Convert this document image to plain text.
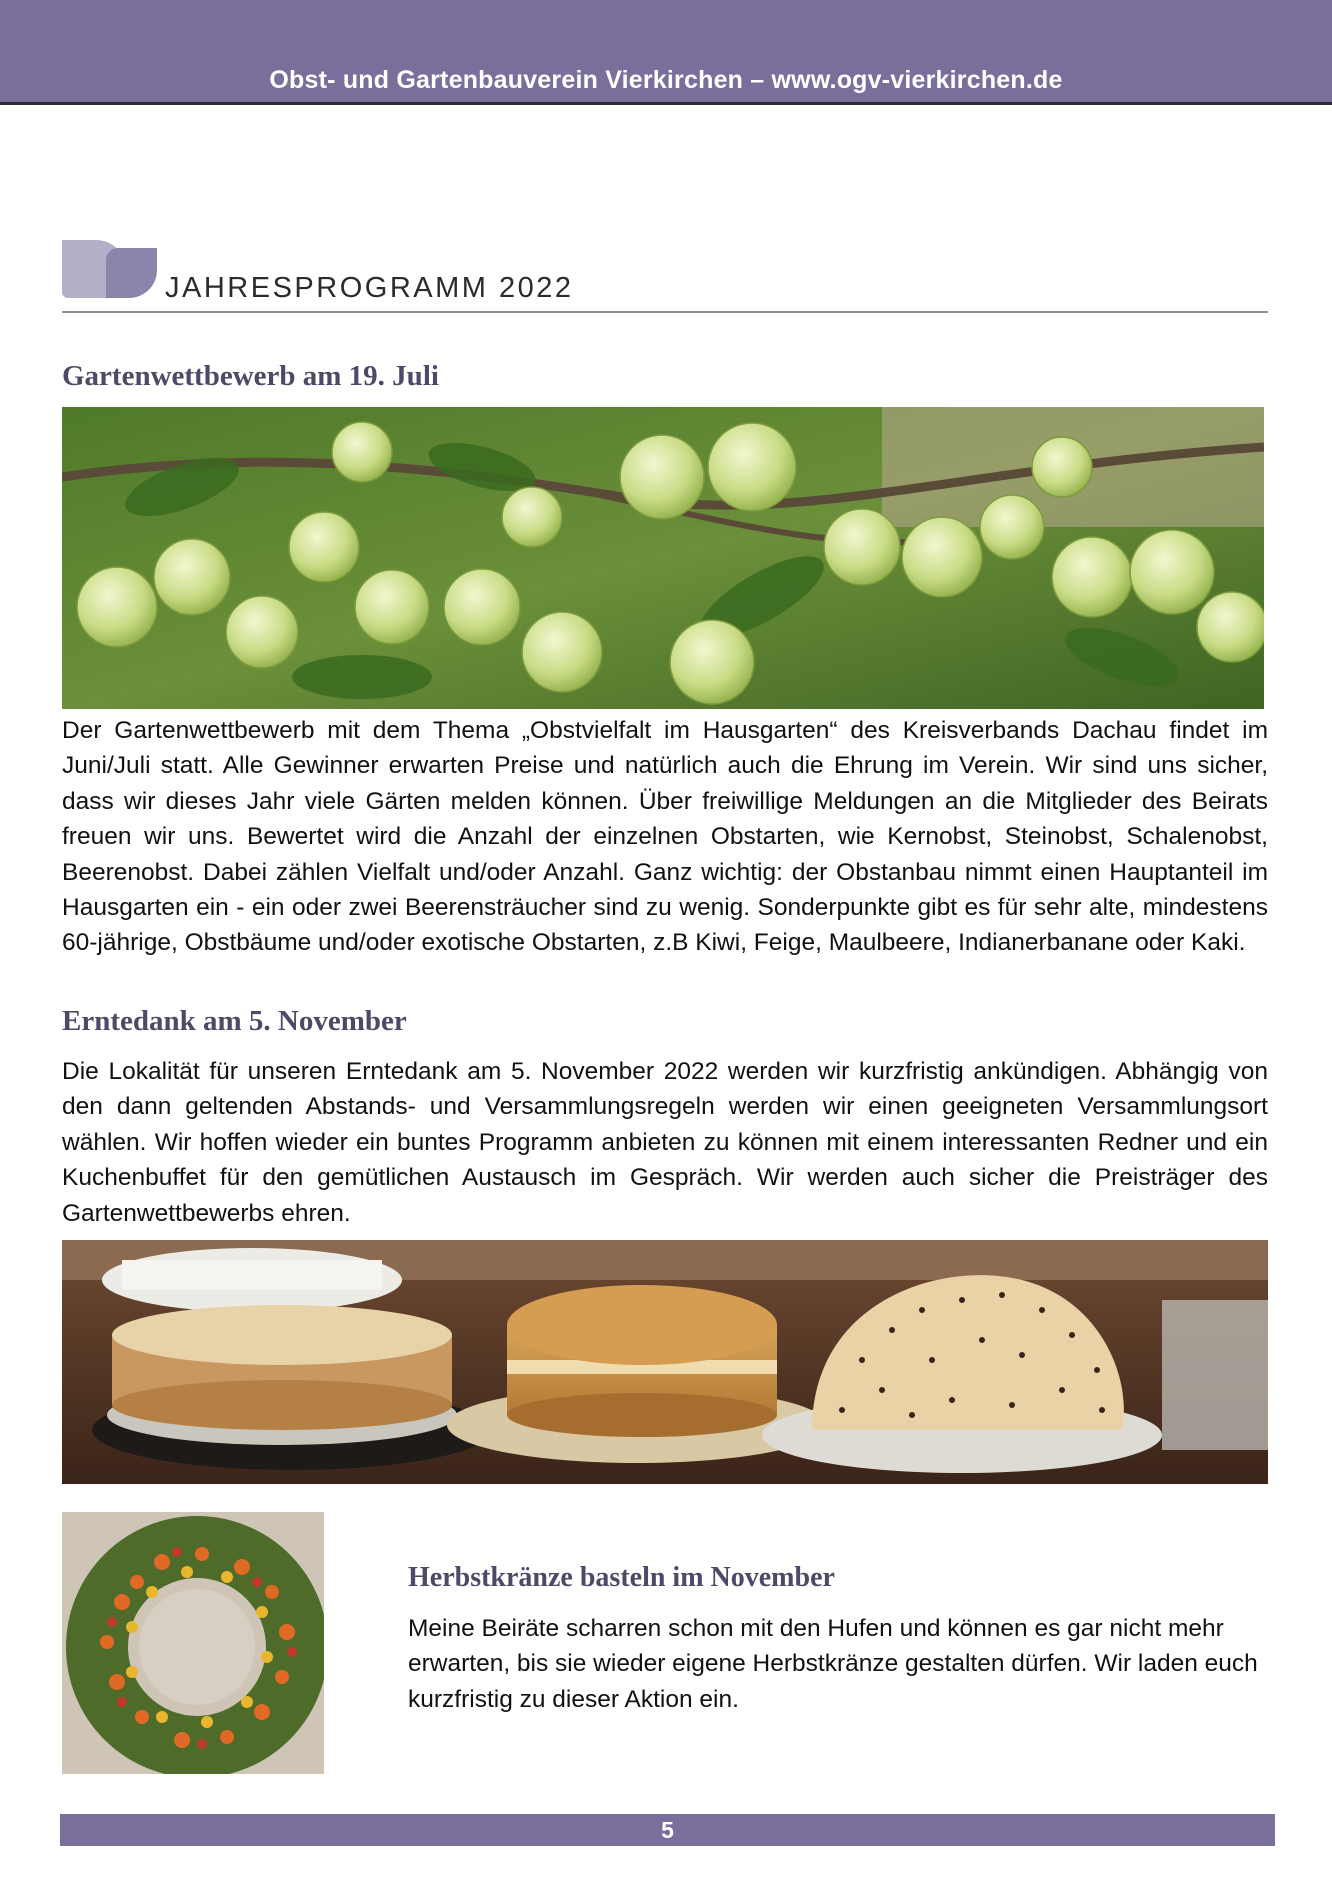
Obst- und Gartenbauverein Vierkirchen – www.ogv-vierkirchen.de
JAHRESPROGRAMM 2022
Gartenwettbewerb am 19. Juli
Der Gartenwettbewerb mit dem Thema „Obstvielfalt im Hausgarten“ des Kreisverbands Dachau findet im Juni/Juli statt. Alle Gewinner erwarten Preise und natürlich auch die Ehrung im Verein. Wir sind uns sicher, dass wir dieses Jahr viele Gärten melden können. Über freiwillige Meldungen an die Mitglieder des Beirats freuen wir uns. Bewertet wird die Anzahl der einzelnen Obstarten, wie Kernobst, Steinobst, Schalenobst, Beerenobst. Dabei zählen Vielfalt und/oder Anzahl. Ganz wichtig: der Obstanbau nimmt einen Hauptanteil im Hausgarten ein - ein oder zwei Beerensträucher sind zu wenig. Sonderpunkte gibt es für sehr alte, mindestens 60-jährige, Obstbäume und/oder exotische Obstarten, z.B Kiwi, Feige, Maulbeere, Indianerbanane oder Kaki.
Erntedank am 5. November
Die Lokalität für unseren Erntedank am 5. November 2022 werden wir kurzfristig ankündigen. Abhängig von den dann geltenden Abstands- und Versammlungsregeln werden wir einen geeigneten Versammlungsort wählen. Wir hoffen wieder ein buntes Programm anbieten zu können mit einem interessanten Redner und ein Kuchenbuffet für den gemütlichen Austausch im Gespräch. Wir werden auch sicher die Preisträger des Gartenwettbewerbs ehren.
Herbstkränze basteln im November
Meine Beiräte scharren schon mit den Hufen und können es gar nicht mehr erwarten, bis sie wieder eigene Herbstkränze gestalten dürfen. Wir laden euch kurzfristig zu dieser Aktion ein.
5
